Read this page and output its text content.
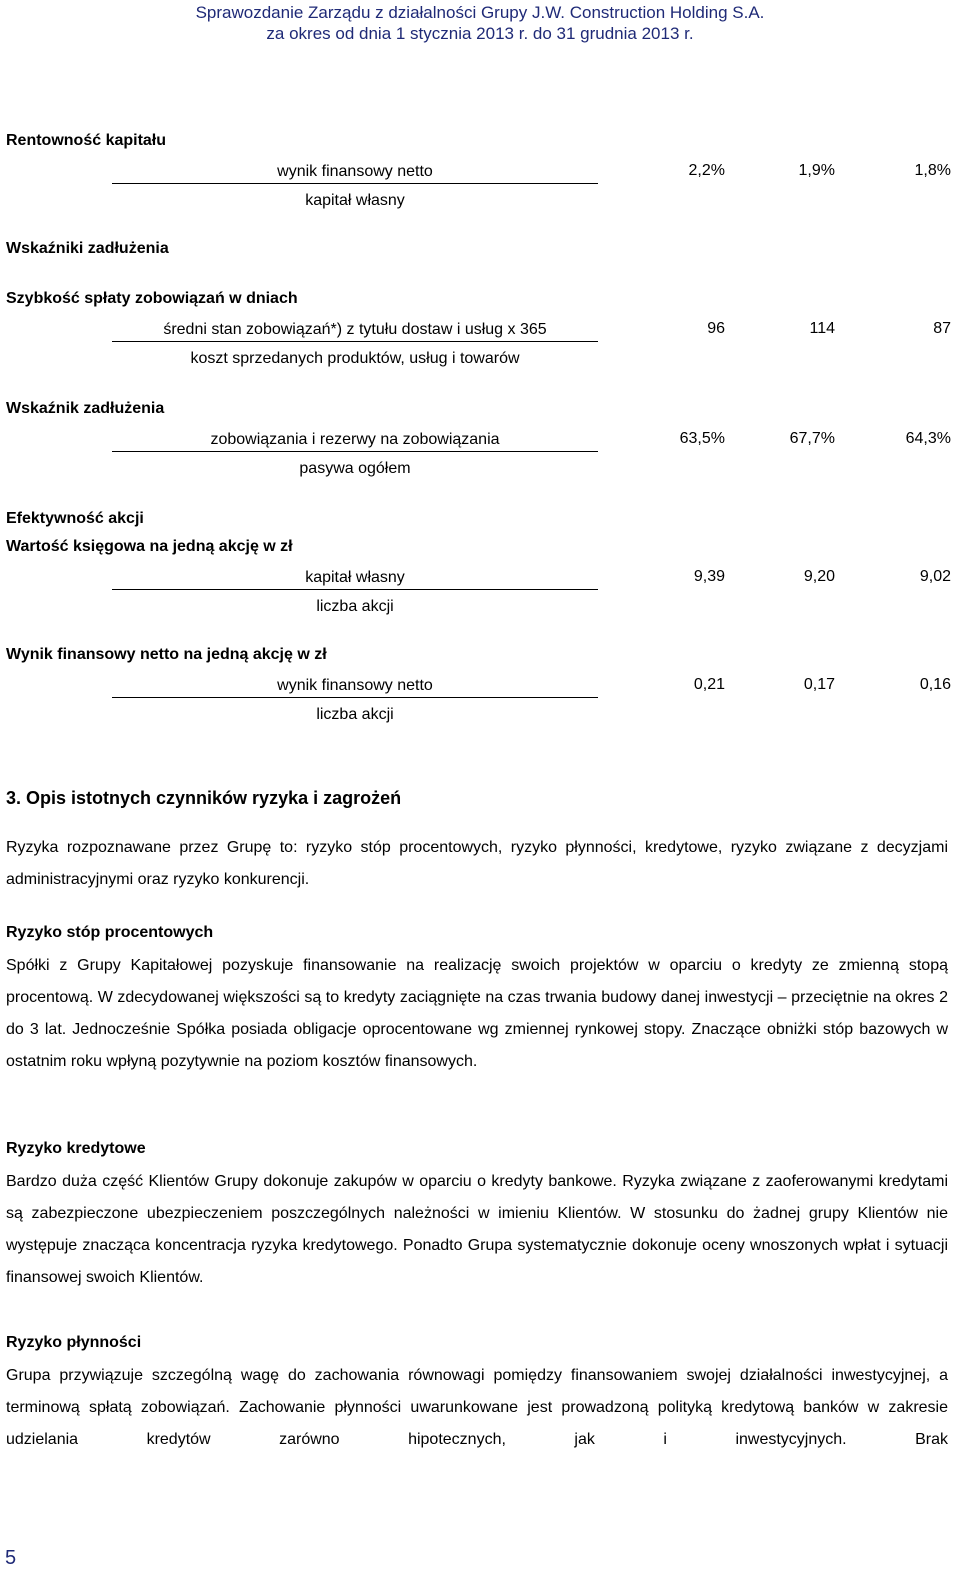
Sprawozdanie Zarządu z działalności Grupy J.W. Construction Holding S.A.
za okres od dnia 1 stycznia 2013 r. do 31 grudnia 2013 r.
Rentowność kapitału
wynik finansowy netto
kapitał własny
2,2%	1,9%	1,8%
Wskaźniki zadłużenia
Szybkość spłaty zobowiązań w dniach
średni stan zobowiązań*) z tytułu dostaw i usług x 365
koszt sprzedanych produktów, usług i towarów
96	114	87
Wskaźnik zadłużenia
zobowiązania i rezerwy na zobowiązania
pasywa ogółem
63,5%	67,7%	64,3%
Efektywność akcji
Wartość księgowa na jedną akcję w zł
kapitał własny
liczba akcji
9,39	9,20	9,02
Wynik finansowy netto na jedną akcję w zł
wynik finansowy netto
liczba akcji
0,21	0,17	0,16
3. Opis istotnych czynników ryzyka i zagrożeń
Ryzyka rozpoznawane przez Grupę to: ryzyko stóp procentowych, ryzyko płynności, kredytowe, ryzyko związane z decyzjami administracyjnymi oraz ryzyko konkurencji.
Ryzyko stóp procentowych
Spółki z Grupy Kapitałowej pozyskuje finansowanie na realizację swoich projektów w oparciu o kredyty ze zmienną stopą procentową. W zdecydowanej większości są to kredyty zaciągnięte na czas trwania budowy danej inwestycji – przeciętnie na okres 2 do 3 lat. Jednocześnie Spółka posiada obligacje oprocentowane wg zmiennej rynkowej stopy. Znaczące obniżki stóp bazowych w ostatnim roku wpłyną pozytywnie na poziom kosztów finansowych.
Ryzyko kredytowe
Bardzo duża część Klientów Grupy dokonuje zakupów w oparciu o kredyty bankowe. Ryzyka związane z zaoferowanymi kredytami są zabezpieczone ubezpieczeniem poszczególnych należności w imieniu Klientów. W stosunku do żadnej grupy Klientów nie występuje znacząca koncentracja ryzyka kredytowego. Ponadto Grupa systematycznie dokonuje oceny wnoszonych wpłat i sytuacji finansowej swoich Klientów.
Ryzyko płynności
Grupa przywiązuje szczególną wagę do zachowania równowagi pomiędzy finansowaniem swojej działalności inwestycyjnej, a terminową spłatą zobowiązań. Zachowanie płynności uwarunkowane jest prowadzoną polityką kredytową banków w zakresie udzielania kredytów zarówno hipotecznych, jak i inwestycyjnych. Brak
5
